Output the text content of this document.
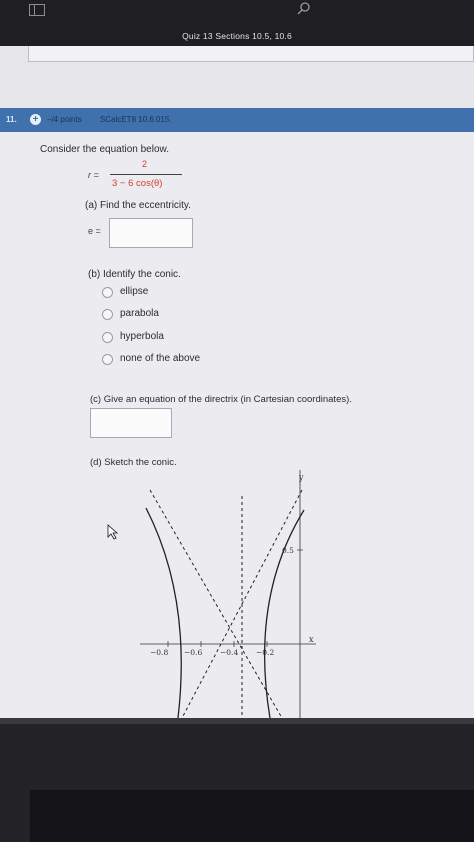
Quiz 13 Sections 10.5, 10.6
11. +	–/4 points SCalcET8 10.6.015.
Consider the equation below.
r =
2
3 − 6 cos(θ)
(a) Find the eccentricity.
e =
(b) Identify the conic.
ellipse
parabola
hyperbola
none of the above
(c) Give an equation of the directrix (in Cartesian coordinates).
(d) Sketch the conic.
y
x
−0.8 −0.6 −0.4 −0.2
0.5
